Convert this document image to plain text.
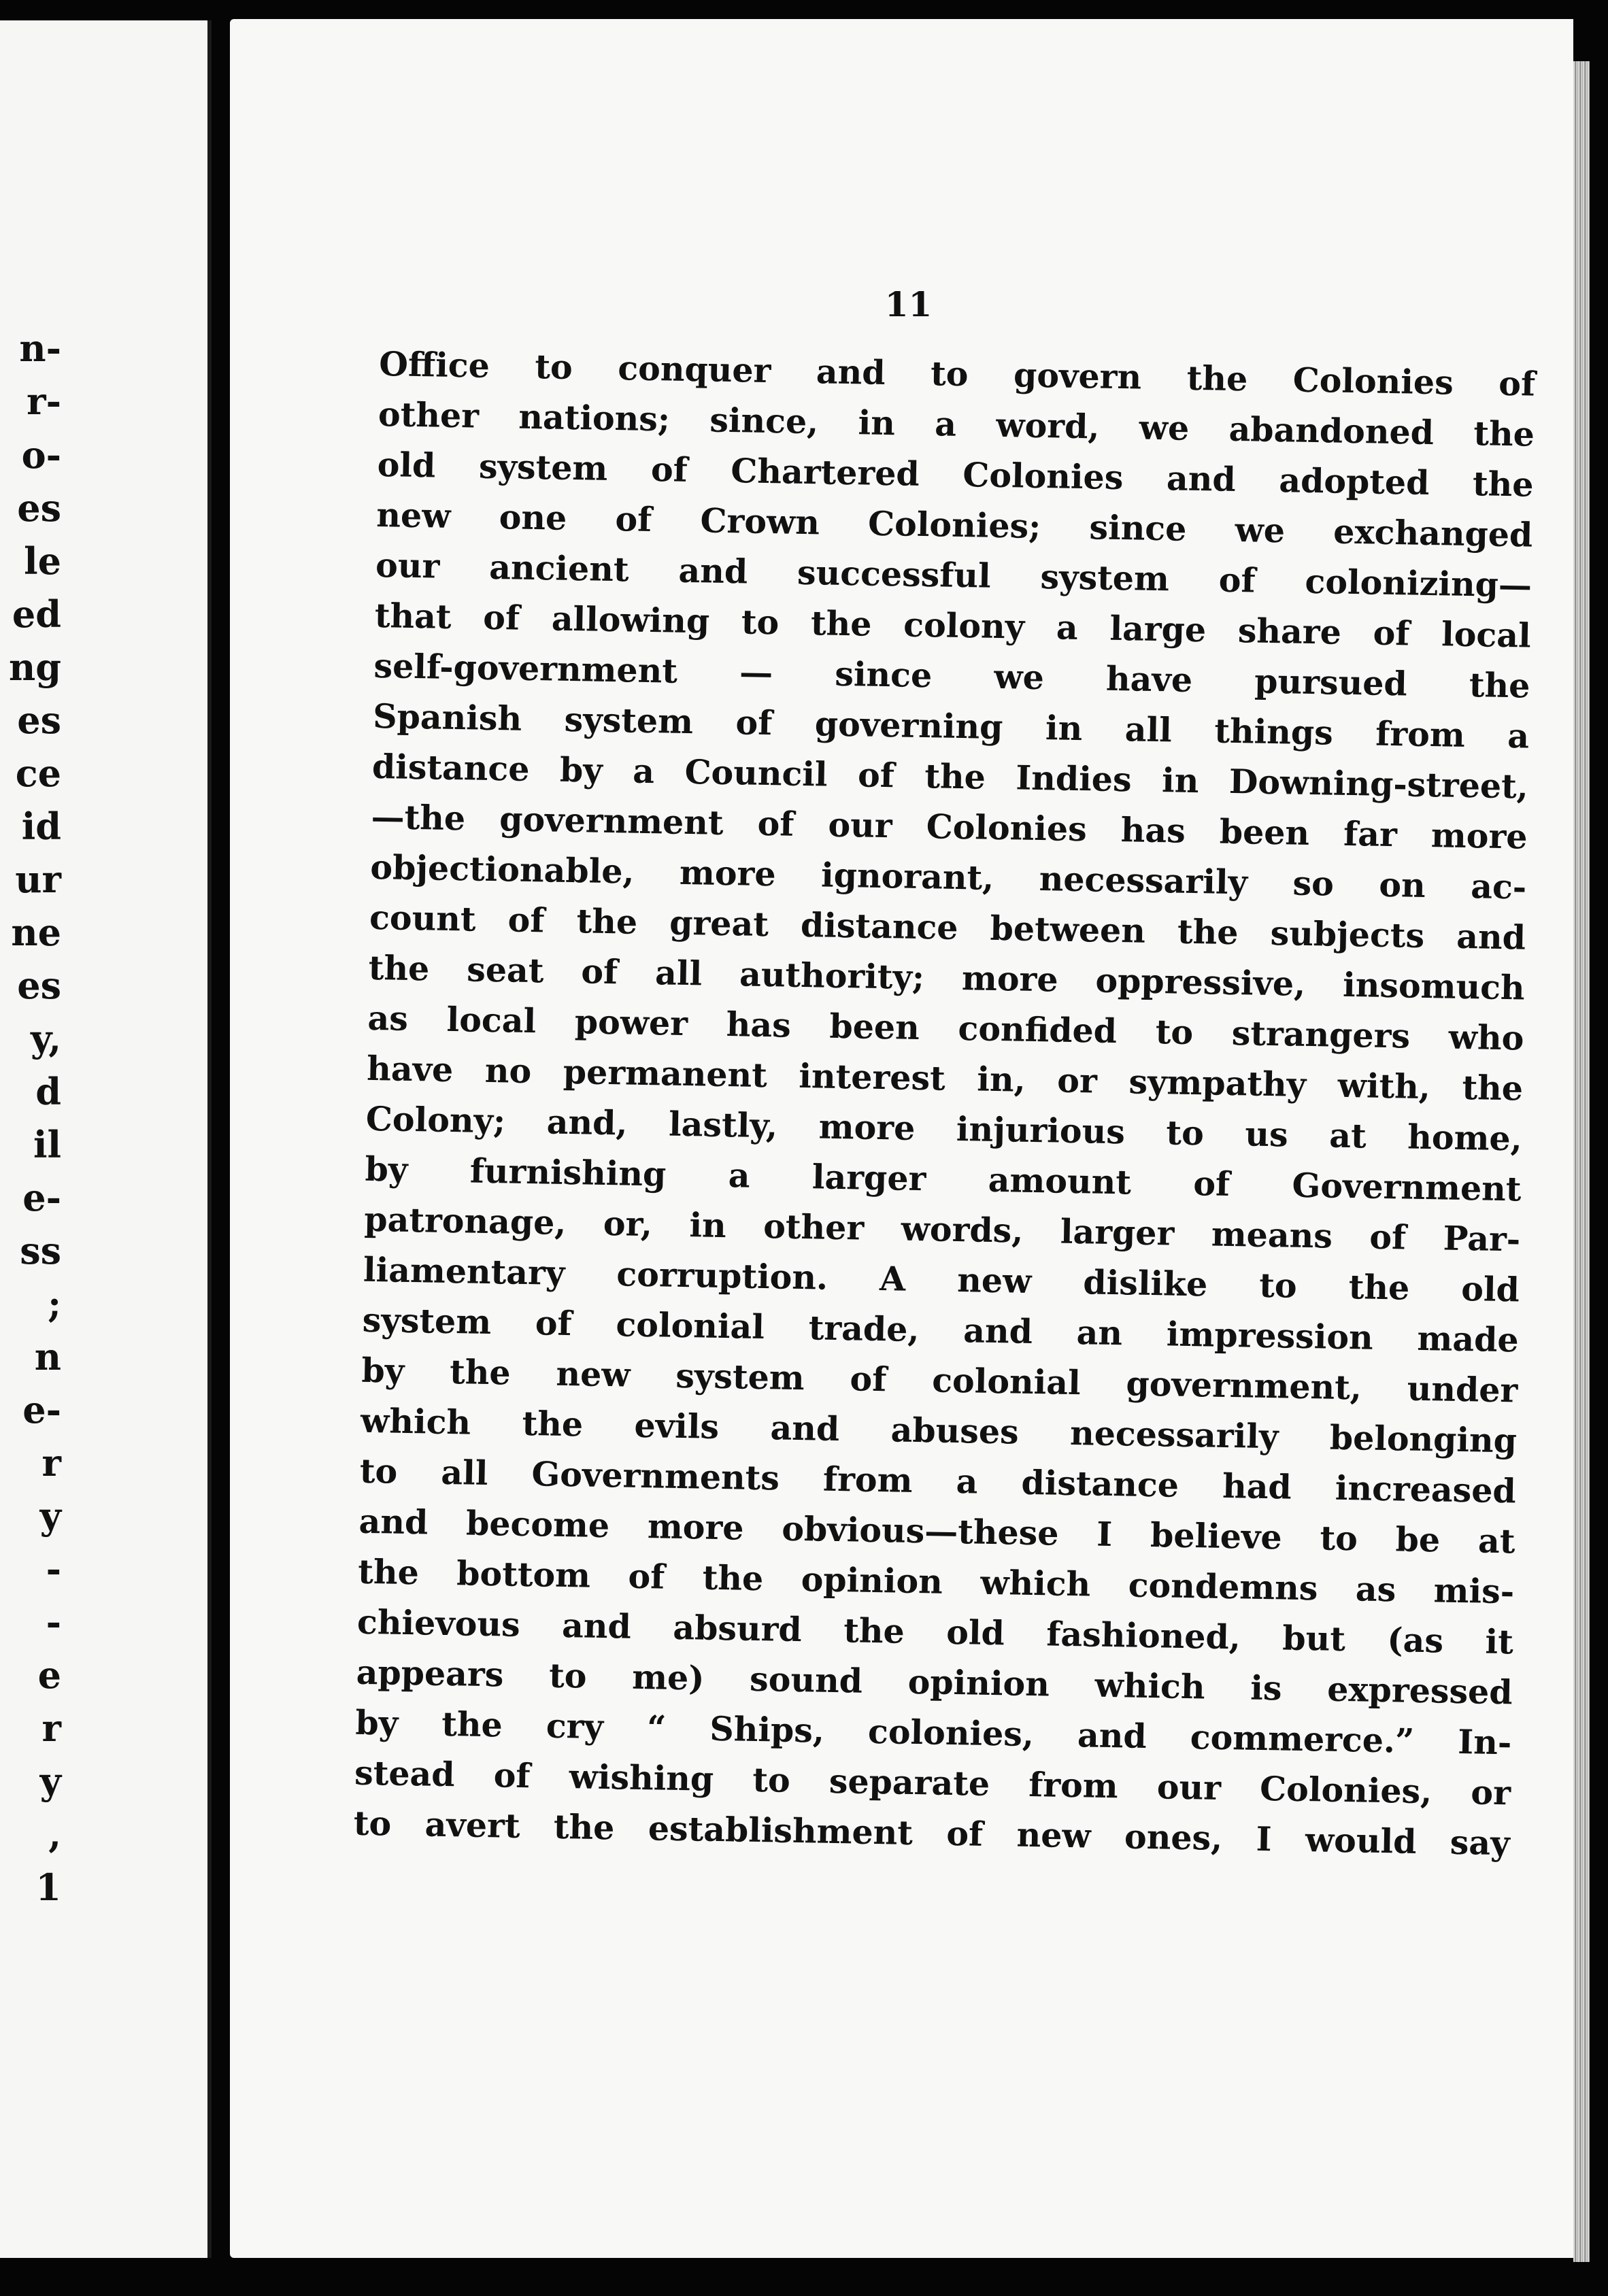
n-
r-
o-
es
le
ed
ng
es
ce
id
ur
ne
es
y,
d
il
e-
ss
;
n
e-
r
y
-
-
e
r
y
,
1
11
Office to conquer and to govern the Colonies of
other nations; since, in a word, we abandoned the
old system of Chartered Colonies and adopted the
new one of Crown Colonies; since we exchanged
our ancient and successful system of colonizing—
that of allowing to the colony a large share of local
self-government — since we have pursued the
Spanish system of governing in all things from a
distance by a Council of the Indies in Downing-street,
—the government of our Colonies has been far more
objectionable, more ignorant, necessarily so on ac-
count of the great distance between the subjects and
the seat of all authority; more oppressive, insomuch
as local power has been confided to strangers who
have no permanent interest in, or sympathy with, the
Colony; and, lastly, more injurious to us at home,
by furnishing a larger amount of Government
patronage, or, in other words, larger means of Par-
liamentary corruption. A new dislike to the old
system of colonial trade, and an impression made
by the new system of colonial government, under
which the evils and abuses necessarily belonging
to all Governments from a distance had increased
and become more obvious—these I believe to be at
the bottom of the opinion which condemns as mis-
chievous and absurd the old fashioned, but (as it
appears to me) sound opinion which is expressed
by the cry “ Ships, colonies, and commerce.” In-
stead of wishing to separate from our Colonies, or
to avert the establishment of new ones, I would say
